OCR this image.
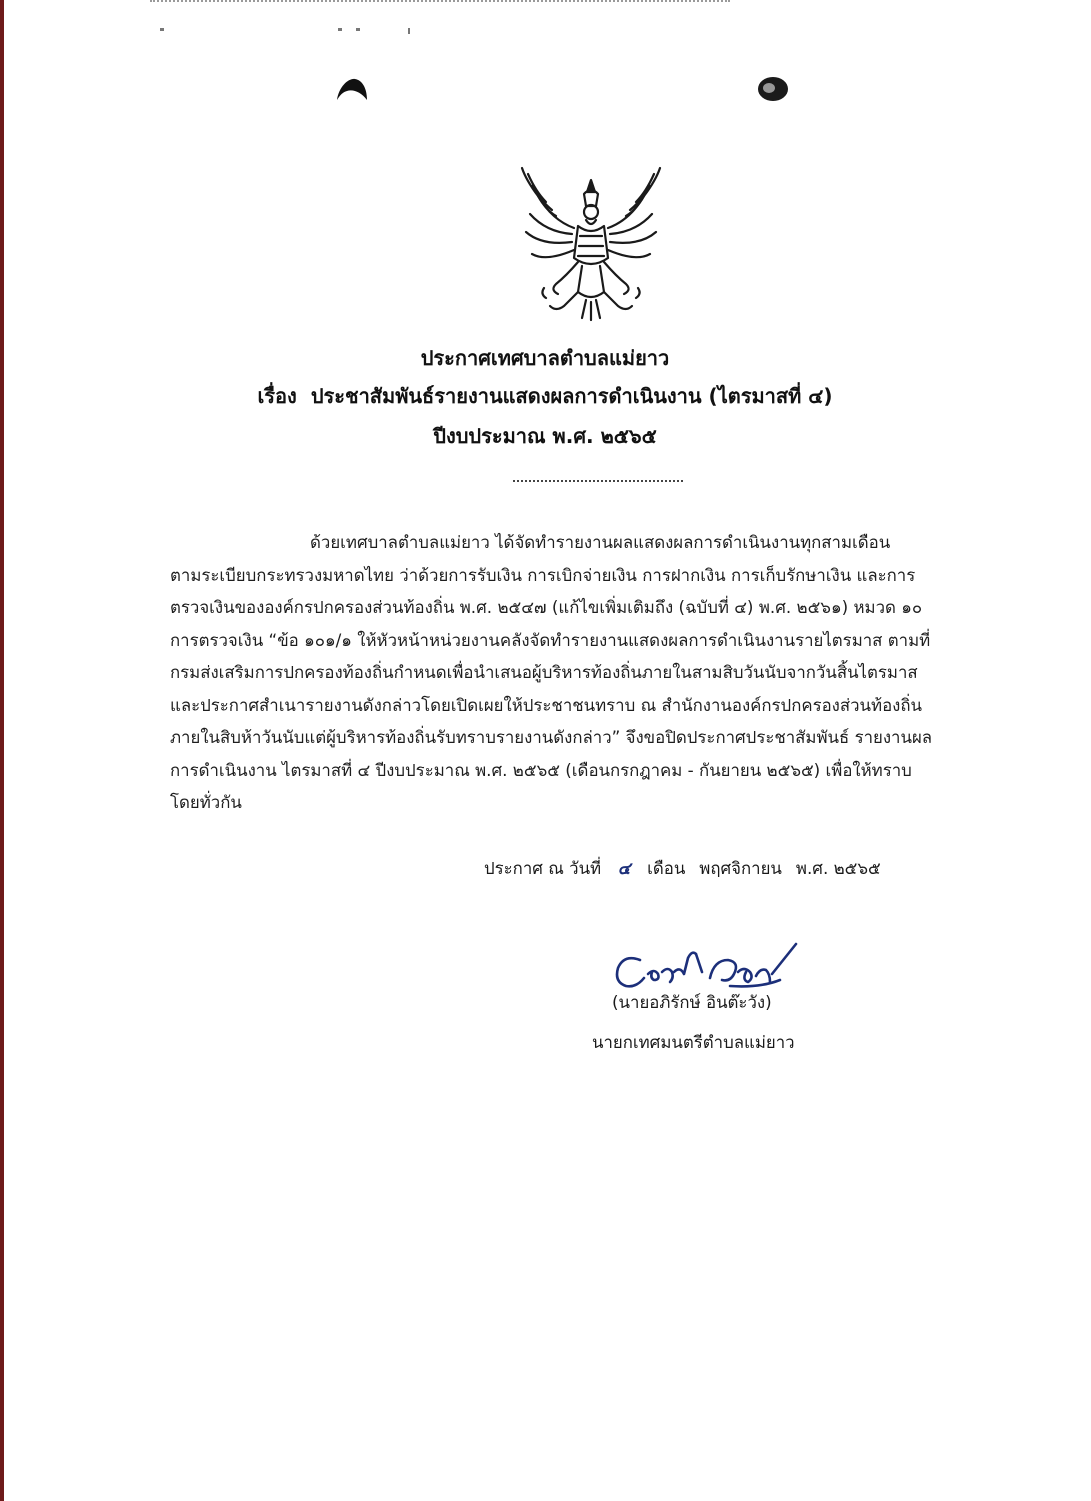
ประกาศเทศบาลตำบลแม่ยาว
เรื่อง ประชาสัมพันธ์รายงานแสดงผลการดำเนินงาน (ไตรมาสที่ ๔)
ปีงบประมาณ พ.ศ. ๒๕๖๕
ด้วยเทศบาลตำบลแม่ยาว ได้จัดทำรายงานผลแสดงผลการดำเนินงานทุกสามเดือน
ตามระเบียบกระทรวงมหาดไทย ว่าด้วยการรับเงิน การเบิกจ่ายเงิน การฝากเงิน การเก็บรักษาเงิน และการ
ตรวจเงินขององค์กรปกครองส่วนท้องถิ่น พ.ศ. ๒๕๔๗ (แก้ไขเพิ่มเติมถึง (ฉบับที่ ๔) พ.ศ. ๒๕๖๑) หมวด ๑๐
การตรวจเงิน “ข้อ ๑๐๑/๑ ให้หัวหน้าหน่วยงานคลังจัดทำรายงานแสดงผลการดำเนินงานรายไตรมาส ตามที่
กรมส่งเสริมการปกครองท้องถิ่นกำหนดเพื่อนำเสนอผู้บริหารท้องถิ่นภายในสามสิบวันนับจากวันสิ้นไตรมาส
และประกาศสำเนารายงานดังกล่าวโดยเปิดเผยให้ประชาชนทราบ ณ สำนักงานองค์กรปกครองส่วนท้องถิ่น
ภายในสิบห้าวันนับแต่ผู้บริหารท้องถิ่นรับทราบรายงานดังกล่าว” จึงขอปิดประกาศประชาสัมพันธ์ รายงานผล
การดำเนินงาน ไตรมาสที่ ๔ ปีงบประมาณ พ.ศ. ๒๕๖๕ (เดือนกรกฎาคม - กันยายน ๒๕๖๕) เพื่อให้ทราบ
โดยทั่วกัน
ประกาศ ณ วันที่ ๔ เดือน พฤศจิกายน พ.ศ. ๒๕๖๕
(นายอภิรักษ์ อินต๊ะวัง)
นายกเทศมนตรีตำบลแม่ยาว
